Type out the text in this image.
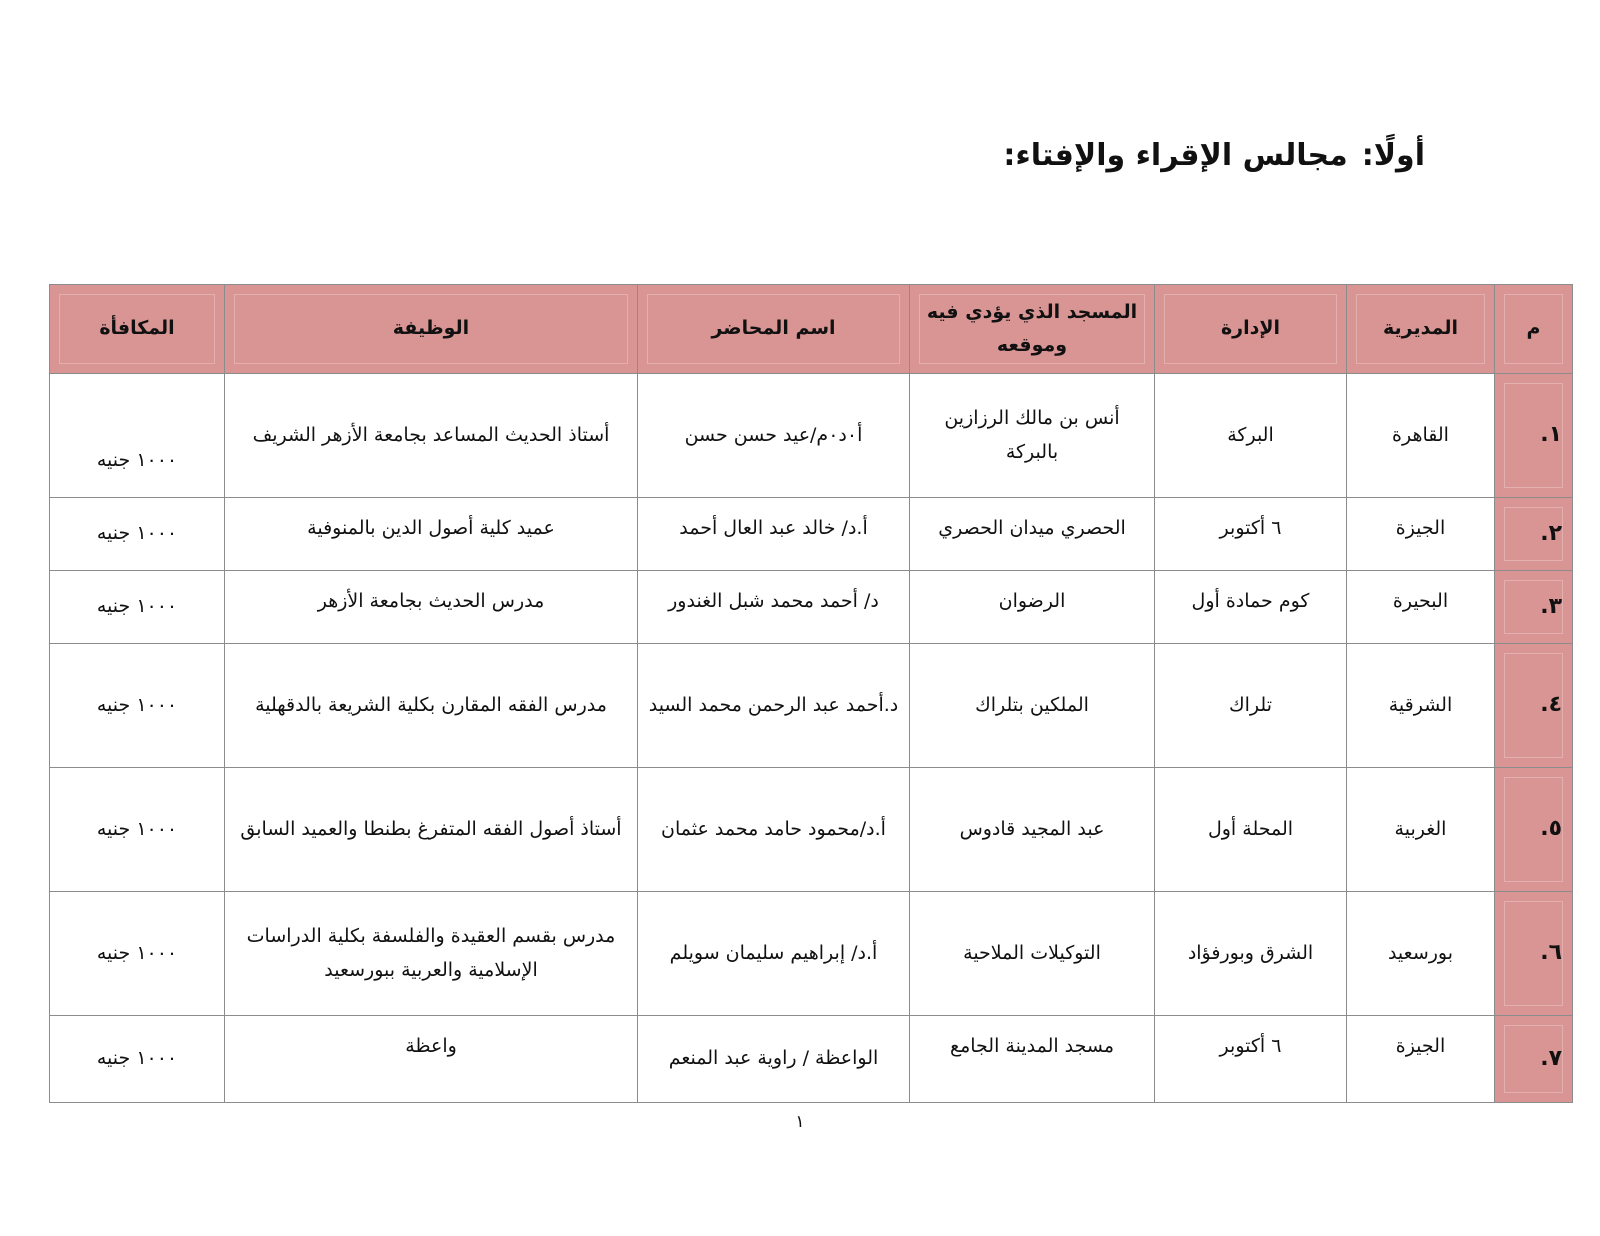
أولًا:مجالس الإقراء والإفتاء:
م	المديرية	الإدارة	المسجد الذي يؤدي فيه وموقعه	اسم المحاضر	الوظيفة	المكافأة
١.	القاهرة	البركة	أنس بن مالك الرزازين بالبركة	أ٠د٠م/عيد حسن حسن	أستاذ الحديث المساعد بجامعة الأزهر الشريف	١٠٠٠ جنيه
٢.	الجيزة	٦ أكتوبر	الحصري ميدان الحصري	أ.د/ خالد عبد العال أحمد	عميد كلية أصول الدين بالمنوفية	١٠٠٠ جنيه
٣.	البحيرة	كوم حمادة أول	الرضوان	د/ أحمد محمد شبل الغندور	مدرس الحديث بجامعة الأزهر	١٠٠٠ جنيه
٤.	الشرقية	تلراك	الملكين بتلراك	د.أحمد عبد الرحمن محمد السيد	مدرس الفقه المقارن بكلية الشريعة بالدقهلية	١٠٠٠ جنيه
٥.	الغربية	المحلة أول	عبد المجيد قادوس	أ.د/محمود حامد محمد عثمان	أستاذ أصول الفقه المتفرغ بطنطا والعميد السابق	١٠٠٠ جنيه
٦.	بورسعيد	الشرق وبورفؤاد	التوكيلات الملاحية	أ.د/ إبراهيم سليمان سويلم	مدرس بقسم العقيدة والفلسفة بكلية الدراسات الإسلامية والعربية ببورسعيد	١٠٠٠ جنيه
٧.	الجيزة	٦ أكتوبر	مسجد المدينة الجامع	الواعظة / راوية عبد المنعم	واعظة	١٠٠٠ جنيه
١
